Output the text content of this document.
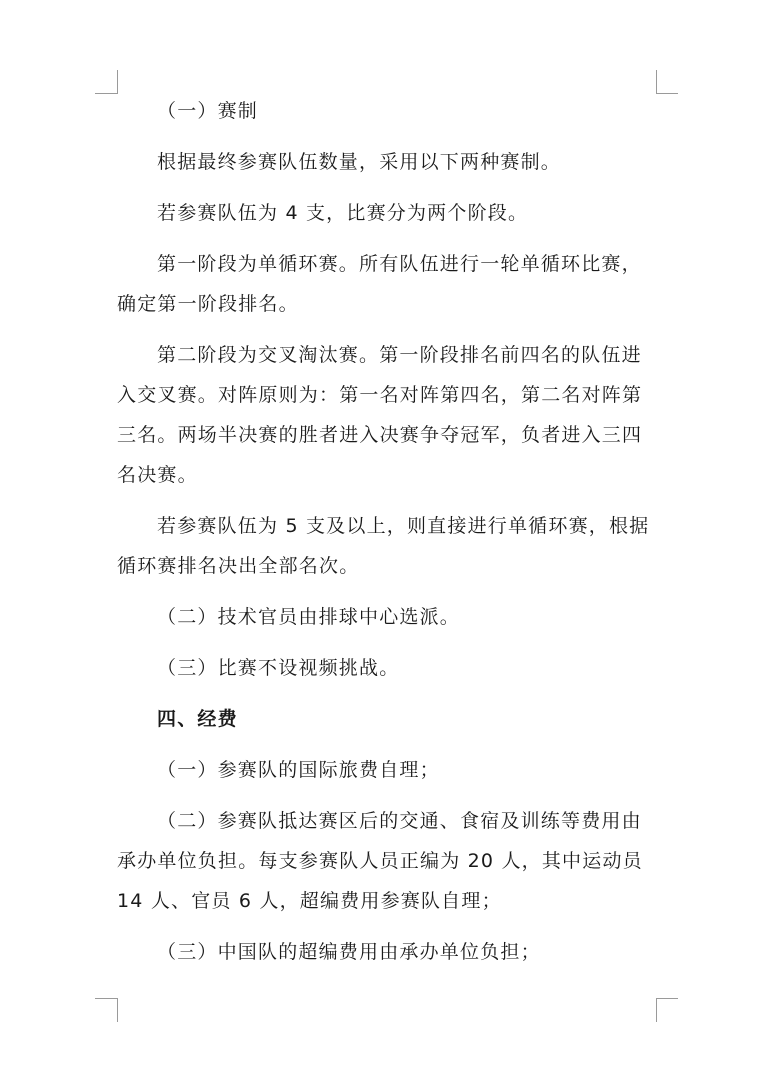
（一）赛制
根据最终参赛队伍数量，采用以下两种赛制。
若参赛队伍为 4 支，比赛分为两个阶段。
第一阶段为单循环赛。所有队伍进行一轮单循环比赛，
确定第一阶段排名。
第二阶段为交叉淘汰赛。第一阶段排名前四名的队伍进
入交叉赛。对阵原则为：第一名对阵第四名，第二名对阵第
三名。两场半决赛的胜者进入决赛争夺冠军，负者进入三四
名决赛。
若参赛队伍为 5 支及以上，则直接进行单循环赛，根据
循环赛排名决出全部名次。
（二）技术官员由排球中心选派。
（三）比赛不设视频挑战。
四、经费
（一）参赛队的国际旅费自理；
（二）参赛队抵达赛区后的交通、食宿及训练等费用由
承办单位负担。每支参赛队人员正编为 20 人，其中运动员
14 人、官员 6 人，超编费用参赛队自理；
（三）中国队的超编费用由承办单位负担；
